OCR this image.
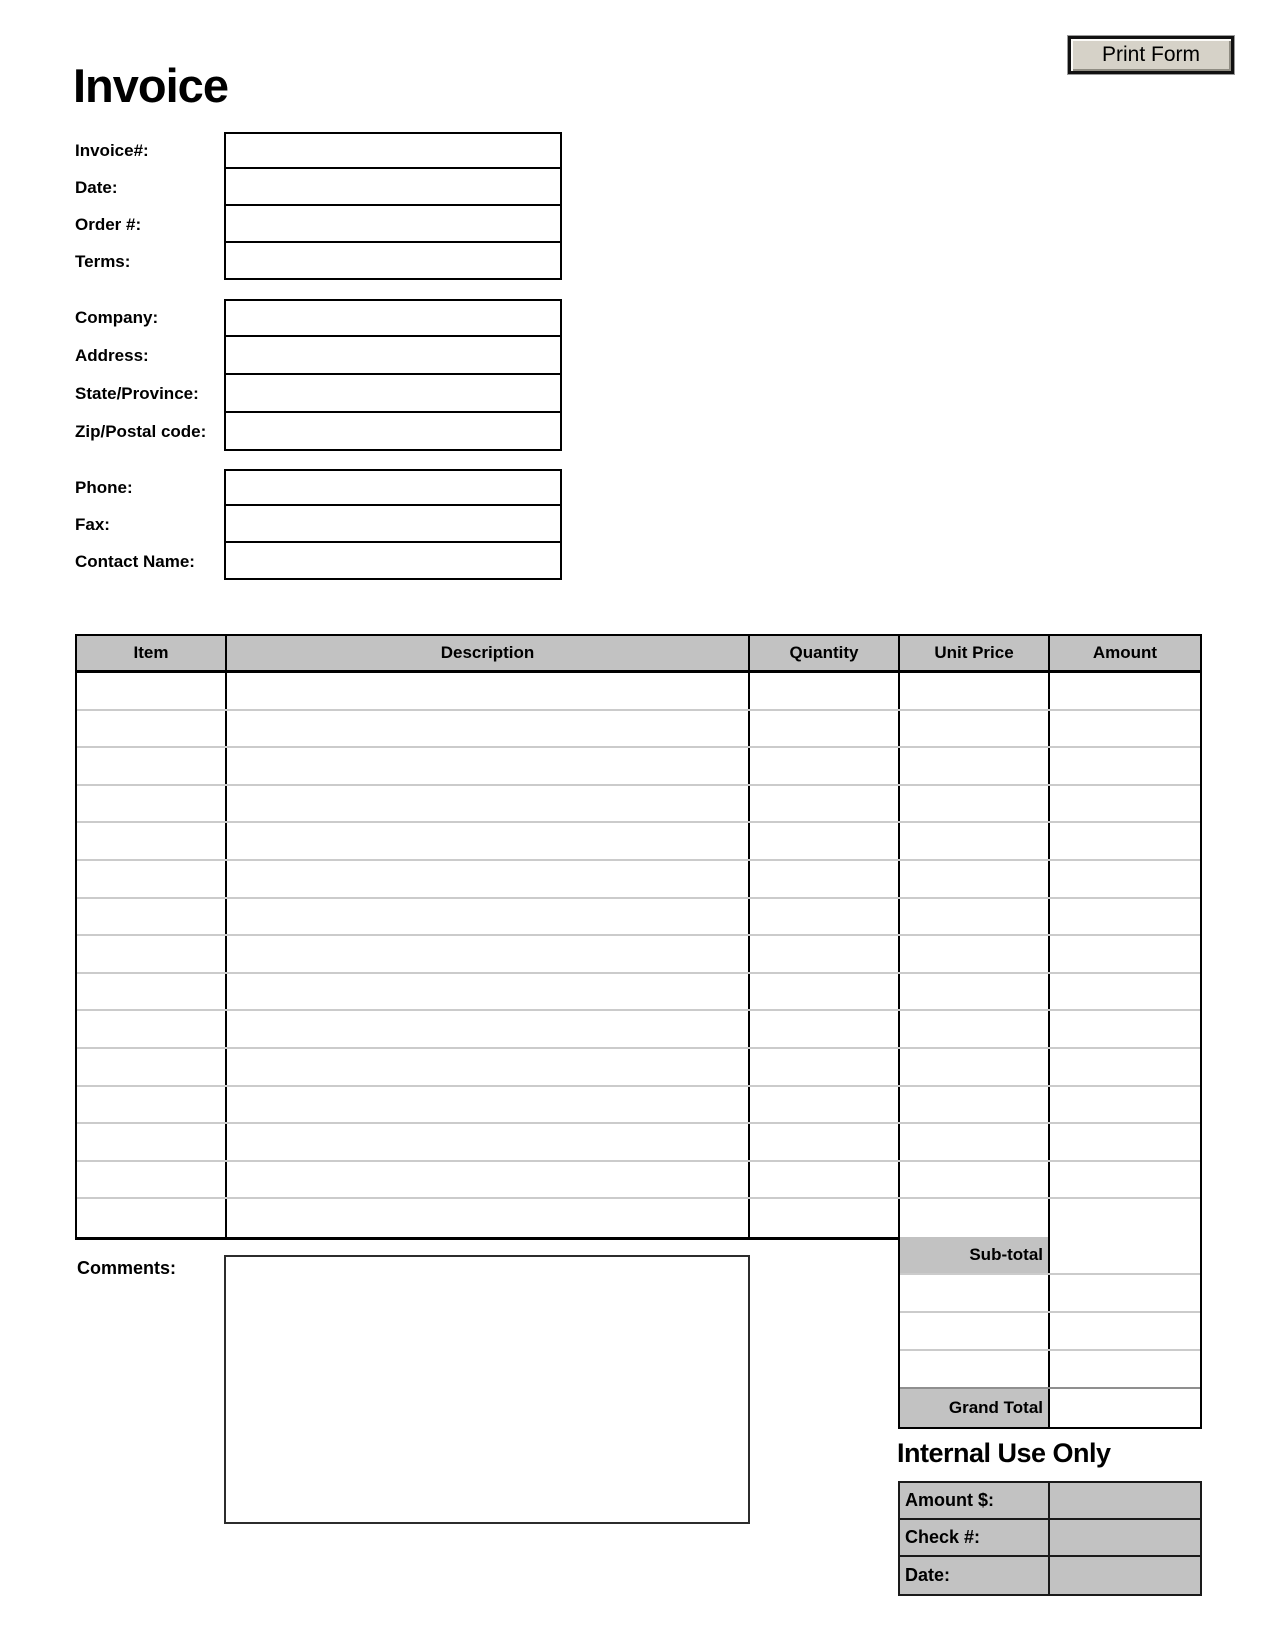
Print Form
Invoice
Invoice#:
Date:
Order #:
Terms:
Company:
Address:
State/Province:
Zip/Postal code:
Phone:
Fax:
Contact Name:
Item	Description	Quantity	Unit Price	Amount
Sub-total
Grand Total
Comments:
Internal Use Only
Amount $:
Check #:
Date:
